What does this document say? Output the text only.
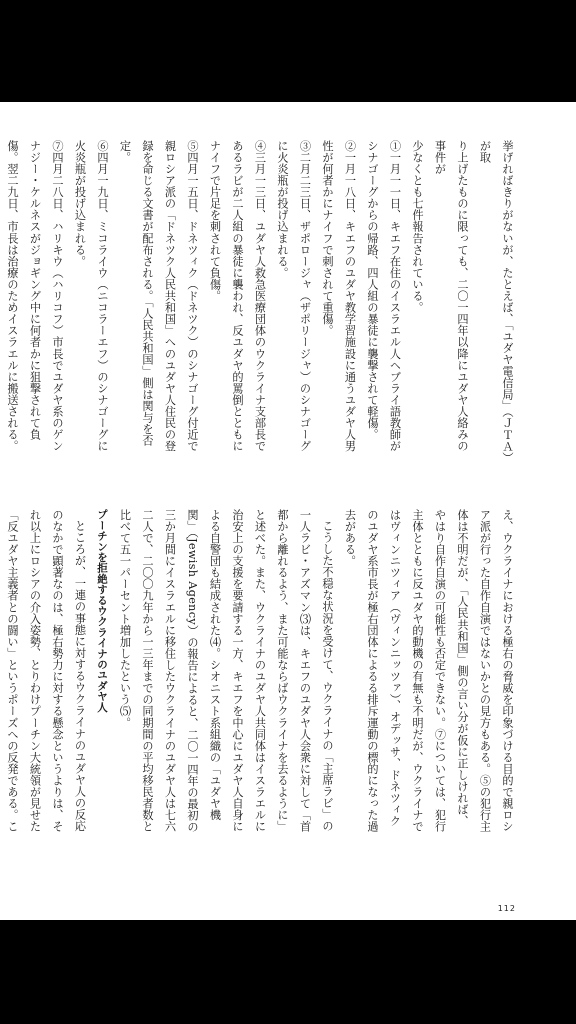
挙げればきりがないが、たとえば、「ユダヤ電信局」（ＪＴＡ）が取

り上げたものに限っても、二〇一四年以降にユダヤ人絡みの事件が

少なくとも七件報告されている。

①一月一一日、キエフ在住のイスラエル人ヘブライ語教師がシナゴーグからの帰路、四人組の暴徒に襲撃されて軽傷。

②一月一八日、キエフのユダヤ教学習施設に通うユダヤ人男性が何者かにナイフで刺されて重傷。

③二月二三日、ザポロージャ（ザポリージャ）のシナゴーグに火炎瓶が投げ込まれる。

④三月一三日、ユダヤ人救急医療団体のウクライナ支部長であるラビが二人組の暴徒に襲われ、反ユダヤ的罵倒とともにナイフで片足を刺されて負傷。

⑤四月一五日、ドネツィク（ドネツク）のシナゴーグ付近で親ロシア派の「ドネツク人民共和国」へのユダヤ人住民の登録を命じる文書が配布される。「人民共和国」側は関与を否定。

⑥四月一九日、ミコライウ（ニコラーエフ）のシナゴーグに火炎瓶が投げ込まれる。

⑦四月二八日、ハリキウ（ハリコフ）市長でユダヤ系のゲンナジー・ケルネスがジョギング中に何者かに狙撃されて負傷。翌二九日、市長は治療のためイスラエルに搬送される。

え、ウクライナにおける極右の脅威を印象づける目的で親ロシア派が行った自作自演ではないかとの見方もある。⑤の犯行主体は不明だが、「人民共和国」側の言い分が仮に正しければ、やはり自作自演の可能性も否定できない。⑦については、犯行主体とともに反ユダヤ的動機の有無も不明だが、ウクライナではヴィンニツィア（ヴィンニッツァ）、オデッサ、ドネツィクのユダヤ系市長が極右団体によるる排斥運動の標的になった過去がある。

こうした不穏な状況を受けて、ウクライナの「主席ラビ」の一人ラビ・アズマン⑶は、キエフのユダヤ人会衆に対して「首都から離れるよう、また可能ならばウクライナを去るように」と述べた。また、ウクライナのユダヤ人共同体はイスラエルに治安上の支援を要請する一方、キエフを中心にユダヤ人自身による自警団も結成された⑷。シオニスト系組織の「ユダヤ機関」（Jewish Agency）の報告によると、二〇一四年の最初の三か月間にイスラエルに移住したウクライナのユダヤ人は七六二人で、二〇〇九年から一三年までの同期間の平均移民者数と比べて五一パーセント増加したという⑸。

プーチンを拒絶するウクライナのユダヤ人

ところが、一連の事態に対するウクライナのユダヤ人の反応のなかで顕著なのは、極右勢力に対する懸念というよりは、それ以上にロシアの介入姿勢、とりわけプーチン大統領が見せた「反ユダヤ主義者との闘い」というポーズへの反発である。こ

112
